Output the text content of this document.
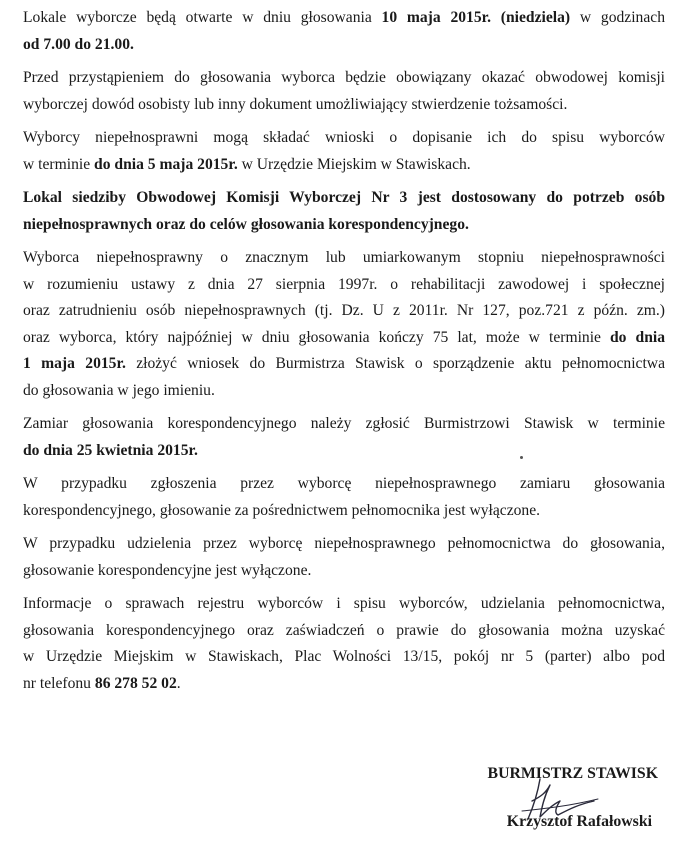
Lokale wyborcze będą otwarte w dniu głosowania 10 maja 2015r. (niedziela) w godzinach
od 7.00 do 21.00.
Przed przystąpieniem do głosowania wyborca będzie obowiązany okazać obwodowej komisji
wyborczej dowód osobisty lub inny dokument umożliwiający stwierdzenie tożsamości.
Wyborcy niepełnosprawni mogą składać wnioski o dopisanie ich do spisu wyborców
w terminie do dnia 5 maja 2015r. w Urzędzie Miejskim w Stawiskach.
Lokal siedziby Obwodowej Komisji Wyborczej Nr 3 jest dostosowany do potrzeb osób
niepełnosprawnych oraz do celów głosowania korespondencyjnego.
Wyborca niepełnosprawny o znacznym lub umiarkowanym stopniu niepełnosprawności
w rozumieniu ustawy z dnia 27 sierpnia 1997r. o rehabilitacji zawodowej i społecznej
oraz zatrudnieniu osób niepełnosprawnych (tj. Dz. U z 2011r. Nr 127, poz.721 z późn. zm.)
oraz wyborca, który najpóźniej w dniu głosowania kończy 75 lat, może w terminie do dnia
1 maja 2015r. złożyć wniosek do Burmistrza Stawisk o sporządzenie aktu pełnomocnictwa
do głosowania w jego imieniu.
Zamiar głosowania korespondencyjnego należy zgłosić Burmistrzowi Stawisk w terminie
do dnia 25 kwietnia 2015r.
W przypadku zgłoszenia przez wyborcę niepełnosprawnego zamiaru głosowania
korespondencyjnego, głosowanie za pośrednictwem pełnomocnika jest wyłączone.
W przypadku udzielenia przez wyborcę niepełnosprawnego pełnomocnictwa do głosowania,
głosowanie korespondencyjne jest wyłączone.
Informacje o sprawach rejestru wyborców i spisu wyborców, udzielania pełnomocnictwa,
głosowania korespondencyjnego oraz zaświadczeń o prawie do głosowania można uzyskać
w Urzędzie Miejskim w Stawiskach, Plac Wolności 13/15, pokój nr 5 (parter) albo pod
nr telefonu 86 278 52 02.
BURMISTRZ STAWISK
Krzysztof Rafałowski
